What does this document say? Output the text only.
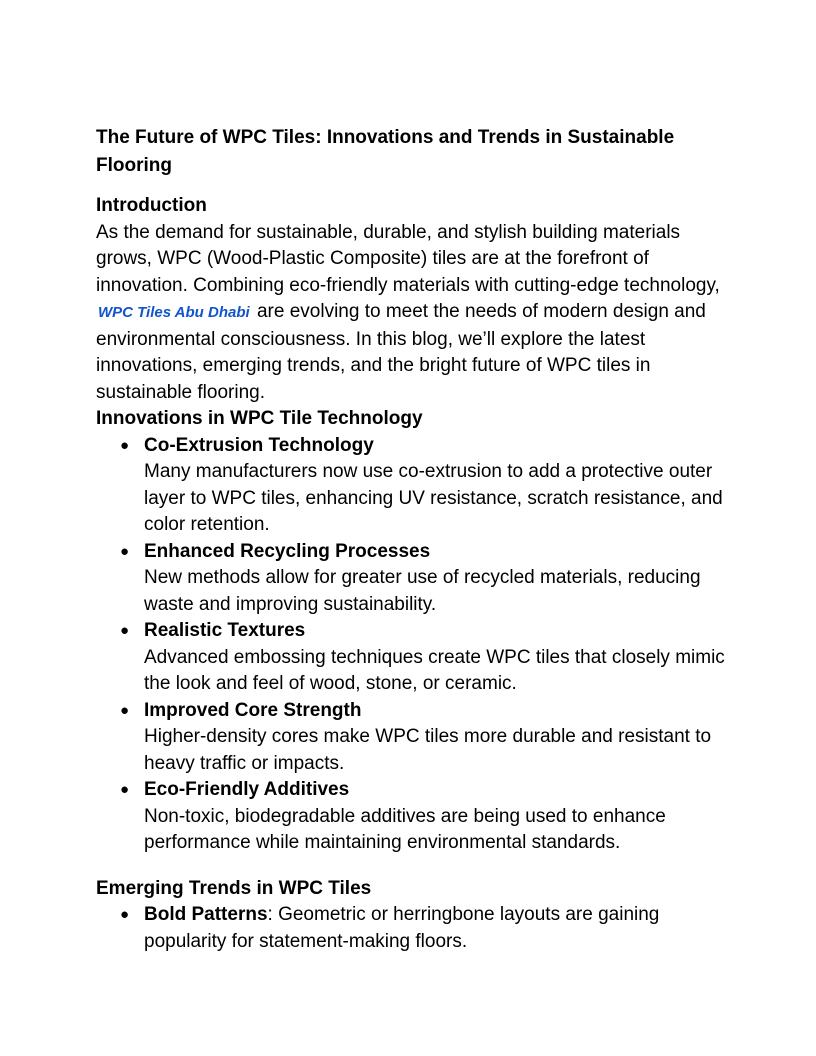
The Future of WPC Tiles: Innovations and Trends in Sustainable Flooring
Introduction

As the demand for sustainable, durable, and stylish building materials grows, WPC (Wood-Plastic Composite) tiles are at the forefront of innovation. Combining eco-friendly materials with cutting-edge technology, WPC Tiles Abu Dhabi are evolving to meet the needs of modern design and environmental consciousness. In this blog, we’ll explore the latest innovations, emerging trends, and the bright future of WPC tiles in sustainable flooring.

Innovations in WPC Tile Technology
● Co-Extrusion Technology
Many manufacturers now use co-extrusion to add a protective outer layer to WPC tiles, enhancing UV resistance, scratch resistance, and color retention.
● Enhanced Recycling Processes
New methods allow for greater use of recycled materials, reducing waste and improving sustainability.
● Realistic Textures
Advanced embossing techniques create WPC tiles that closely mimic the look and feel of wood, stone, or ceramic.
● Improved Core Strength
Higher-density cores make WPC tiles more durable and resistant to heavy traffic or impacts.
● Eco-Friendly Additives
Non-toxic, biodegradable additives are being used to enhance performance while maintaining environmental standards.
Emerging Trends in WPC Tiles
● Bold Patterns: Geometric or herringbone layouts are gaining popularity for statement-making floors.
